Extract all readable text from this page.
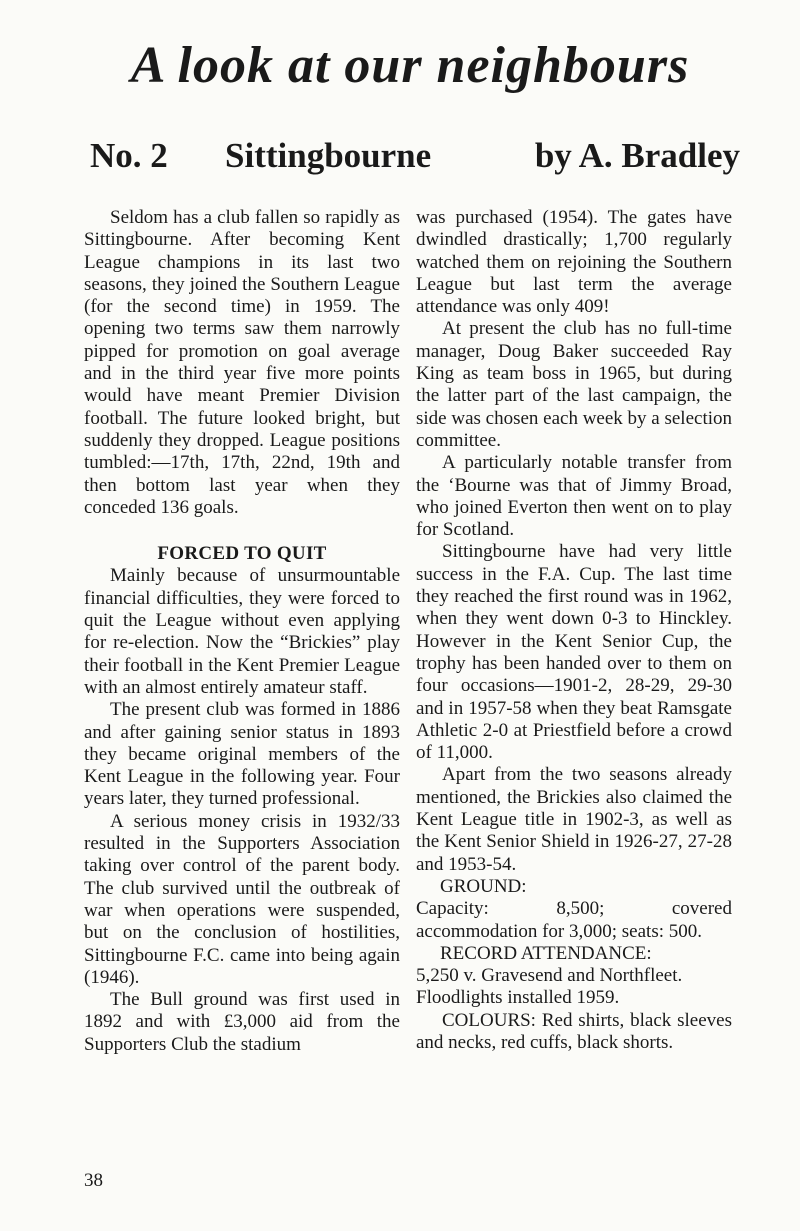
A look at our neighbours
No. 2 Sittingbourne	by A. Bradley

Seldom has a club fallen so rapidly as Sittingbourne. After becoming Kent League champions in its last two seasons, they joined the Southern League (for the second time) in 1959. The opening two terms saw them narrowly pipped for promotion on goal average and in the third year five more points would have meant Premier Division football. The future looked bright, but suddenly they dropped. League positions tumbled:—17th, 17th, 22nd, 19th and then bottom last year when they conceded 136 goals.

FORCED TO QUIT

Mainly because of unsurmountable financial difficulties, they were forced to quit the League without even applying for re-election. Now the “Brickies” play their football in the Kent Premier League with an almost entirely amateur staff.

The present club was formed in 1886 and after gaining senior status in 1893 they became original members of the Kent League in the following year. Four years later, they turned professional.

A serious money crisis in 1932/33 resulted in the Supporters Association taking over control of the parent body. The club survived until the outbreak of war when operations were suspended, but on the conclusion of hostilities, Sittingbourne F.C. came into being again (1946).

The Bull ground was first used in 1892 and with £3,000 aid from the Supporters Club the stadium

was purchased (1954). The gates have dwindled drastically; 1,700 regularly watched them on rejoining the Southern League but last term the average attendance was only 409!

At present the club has no full-time manager, Doug Baker succeeded Ray King as team boss in 1965, but during the latter part of the last campaign, the side was chosen each week by a selection committee.

A particularly notable transfer from the ‘Bourne was that of Jimmy Broad, who joined Everton then went on to play for Scotland.

Sittingbourne have had very little success in the F.A. Cup. The last time they reached the first round was in 1962, when they went down 0-3 to Hinckley. However in the Kent Senior Cup, the trophy has been handed over to them on four occasions—1901-2, 28-29, 29-30 and in 1957-58 when they beat Ramsgate Athletic 2-0 at Priestfield before a crowd of 11,000.

Apart from the two seasons already mentioned, the Brickies also claimed the Kent League title in 1902-3, as well as the Kent Senior Shield in 1926-27, 27-28 and 1953-54.

GROUND:

Capacity: 8,500; covered accommodation for 3,000; seats: 500.

RECORD ATTENDANCE:

5,250 v. Gravesend and Northfleet.

Floodlights installed 1959.

COLOURS: Red shirts, black sleeves and necks, red cuffs, black shorts.

38
